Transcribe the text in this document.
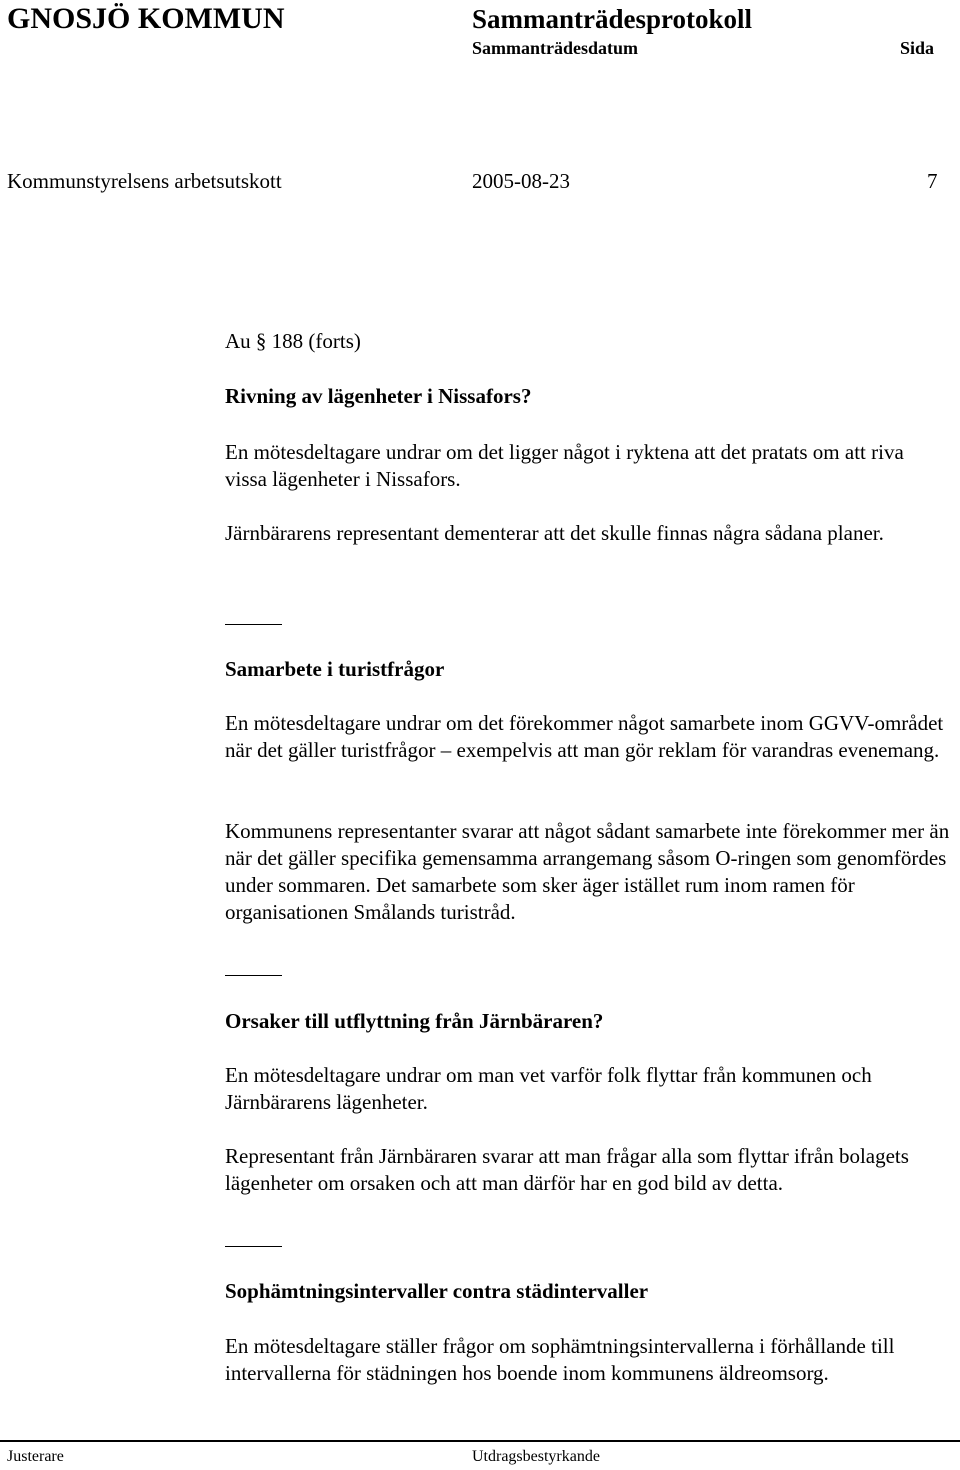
GNOSJÖ KOMMUN	Sammanträdesprotokoll
Sammanträdesdatum	Sida
Kommunstyrelsens arbetsutskott	2005-08-23	7
Au § 188 (forts)
Rivning av lägenheter i Nissafors?
En mötesdeltagare undrar om det ligger något i ryktena att det pratats om att riva vissa lägenheter i Nissafors.
Järnbärarens representant dementerar att det skulle finnas några sådana planer.
Samarbete i turistfrågor
En mötesdeltagare undrar om det förekommer något samarbete inom GGVV-området när det gäller turistfrågor – exempelvis att man gör reklam för varandras evenemang.
Kommunens representanter svarar att något sådant samarbete inte förekommer mer än när det gäller specifika gemensamma arrangemang såsom O-ringen som genomfördes under sommaren. Det samarbete som sker äger istället rum inom ramen för organisationen Smålands turistråd.
Orsaker till utflyttning från Järnbäraren?
En mötesdeltagare undrar om man vet varför folk flyttar från kommunen och Järnbärarens lägenheter.
Representant från Järnbäraren svarar att man frågar alla som flyttar ifrån bolagets lägenheter om orsaken och att man därför har en god bild av detta.
Sophämtningsintervaller contra städintervaller
En mötesdeltagare ställer frågor om sophämtningsintervallerna i förhållande till intervallerna för städningen hos boende inom kommunens äldreomsorg.
Justerare	Utdragsbestyrkande
